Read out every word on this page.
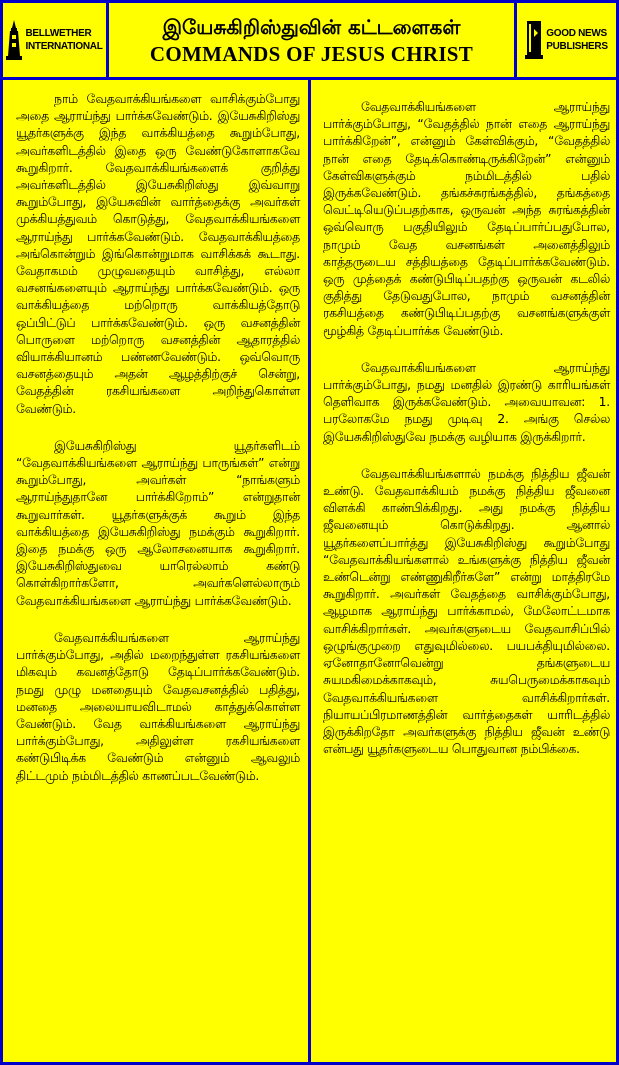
BELLWETHER
INTERNATIONAL
இயேசுகிறிஸ்துவின் கட்டளைகள்
COMMANDS OF JESUS CHRIST
GOOD NEWS
PUBLISHERS

நாம் வேதவாக்கியங்களை வாசிக்கும்போது அதை ஆராய்ந்து பார்க்கவேண்டும். இயேசுகிறிஸ்து யூதர்களுக்கு இந்த வாக்கியத்தை கூறும்போது, அவர்களிடத்தில் இதை ஒரு வேண்டுகோளாகவே கூறுகிறார். வேதவாக்கியங்களைக் குறித்து அவர்களிடத்தில் இயேசுகிறிஸ்து இவ்வாறு கூறும்போது, இயேசுவின் வார்த்தைக்கு அவர்கள் முக்கியத்துவம் கொடுத்து, வேதவாக்கியங்களை ஆராய்ந்து பார்க்கவேண்டும். வேதவாக்கியத்தை அங்கொன்றும் இங்கொன்றுமாக வாசிக்கக் கூடாது. வேதாகமம் முழுவதையும் வாசித்து, எல்லா வசனங்களையும் ஆராய்ந்து பார்க்கவேண்டும். ஒரு வாக்கியத்தை மற்றொரு வாக்கியத்தோடு ஒப்பிட்டுப் பார்க்கவேண்டும். ஒரு வசனத்தின் பொருளை மற்றொரு வசனத்தின் ஆதாரத்தில் வியாக்கியானம் பண்ணவேண்டும். ஒவ்வொரு வசனத்தையும் அதன் ஆழத்திற்குச் சென்று, வேதத்தின் ரகசியங்களை அறிந்துகொள்ள வேண்டும்.

இயேசுகிறிஸ்து யூதர்களிடம் “வேதவாக்கியங்களை ஆராய்ந்து பாருங்கள்” என்று கூறும்போது, அவர்கள் “நாங்களும் ஆராய்ந்துதானே பார்க்கிறோம்” என்றுதான் கூறுவார்கள். யூதர்களுக்குக் கூறும் இந்த வாக்கியத்தை இயேசுகிறிஸ்து நமக்கும் கூறுகிறார். இதை நமக்கு ஒரு ஆலோசனையாக கூறுகிறார். இயேசுகிறிஸ்துவை யாரெல்லாம் கண்டு கொள்கிறார்களோ, அவர்களெல்லாரும் வேதவாக்கியங்களை ஆராய்ந்து பார்க்கவேண்டும்.

வேதவாக்கியங்களை ஆராய்ந்து பார்க்கும்போது, அதில் மறைந்துள்ள ரகசியங்களை மிகவும் கவனத்தோடு தேடிப்பார்க்கவேண்டும். நமது முழு மனதையும் வேதவசனத்தில் பதித்து, மனதை அலையாயவிடாமல் காத்துக்கொள்ள வேண்டும். வேத வாக்கியங்களை ஆராய்ந்து பார்க்கும்போது, அதிலுள்ள ரகசியங்களை கண்டுபிடிக்க வேண்டும் என்னும் ஆவலும் திட்டமும் நம்மிடத்தில் காணப்படவேண்டும்.

வேதவாக்கியங்களை ஆராய்ந்து பார்க்கும்போது, “வேதத்தில் நான் எதை ஆராய்ந்து பார்க்கிறேன்”, என்னும் கேள்விக்கும், “வேதத்தில் நான் எதை தேடிக்கொண்டிருக்கிறேன்” என்னும் கேள்விகளுக்கும் நம்மிடத்தில் பதில் இருக்கவேண்டும். தங்கச்சுரங்கத்தில், தங்கத்தை வெட்டியெடுப்பதற்காக, ஒருவன் அந்த சுரங்கத்தின் ஒவ்வொரு பகுதியிலும் தேடிப்பார்ப்பதுபோல, நாமும் வேத வசனங்கள் அனைத்திலும் காத்தருடைய சத்தியத்தை தேடிப்பார்க்கவேண்டும். ஒரு முத்தைக் கண்டுபிடிப்பதற்கு ஒருவன் கடலில் குதித்து தேடுவதுபோல, நாமும் வசனத்தின் ரகசியத்தை கண்டுபிடிப்பதற்கு வசனங்களுக்குள் மூழ்கித் தேடிப்பார்க்க வேண்டும்.

வேதவாக்கியங்களை ஆராய்ந்து பார்க்கும்போது, நமது மனதில் இரண்டு காரியங்கள் தெளிவாக இருக்கவேண்டும். அவையாவன: 1. பரலோகமே நமது முடிவு 2. அங்கு செல்ல இயேசுகிறிஸ்துவே நமக்கு வழியாக இருக்கிறார்.

வேதவாக்கியங்களால் நமக்கு நித்திய ஜீவன் உண்டு. வேதவாக்கியம் நமக்கு நித்திய ஜீவனை விளக்கி காண்பிக்கிறது. அது நமக்கு நித்திய ஜீவனையும் கொடுக்கிறது. ஆனால் யூதர்களைப்பார்த்து இயேசுகிறிஸ்து கூறும்போது “வேதவாக்கியங்களால் உங்களுக்கு நித்திய ஜீவன் உண்டென்று எண்ணுகிறீர்களே” என்று மாத்திரமே கூறுகிறார். அவர்கள் வேதத்தை வாசிக்கும்போது, ஆழமாக ஆராய்ந்து பார்க்காமல், மேலோட்டமாக வாசிக்கிறார்கள். அவர்களுடைய வேதவாசிப்பில் ஒழுங்குமுறை எதுவுமில்லை. பயபக்தியுமில்லை. ஏனோதானோவென்று தங்களுடைய சுயமகிமைக்காகவும், சுயபெருமைக்காகவும் வேதவாக்கியங்களை வாசிக்கிறார்கள். நியாயப்பிரமாணத்தின் வார்த்தைகள் யாரிடத்தில் இருக்கிறதோ அவர்களுக்கு நித்திய ஜீவன் உண்டு என்பது யூதர்களுடைய பொதுவான நம்பிக்கை.
